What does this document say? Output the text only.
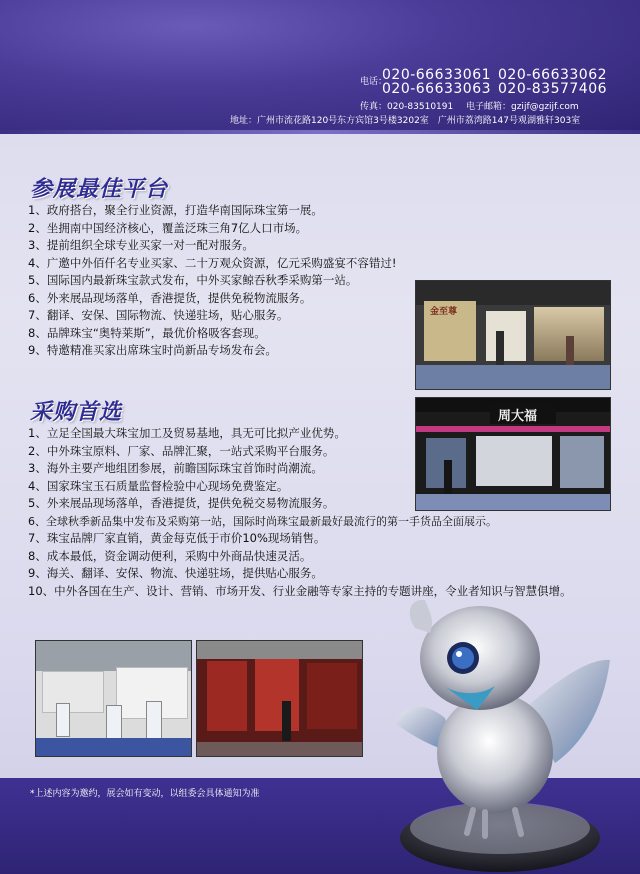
电话：
020-66633061
020-66633063
020-66633062
020-83577406
传真：020-83510191 电子邮箱：gzijf@gzijf.com
地址：广州市流花路120号东方宾馆3号楼3202室　广州市荔湾路147号观湖雅轩303室
参展最佳平台
1、政府搭台，聚全行业资源，打造华南国际珠宝第一展。
2、坐拥南中国经济核心，覆盖泛珠三角7亿人口市场。
3、提前组织全球专业买家一对一配对服务。
4、广邀中外佰仟名专业买家、二十万观众资源，亿元采购盛宴不容错过!
5、国际国内最新珠宝款式发布，中外买家鲸吞秋季采购第一站。
6、外来展品现场落单，香港提货，提供免税物流服务。
7、翻译、安保、国际物流、快递驻场，贴心服务。
8、品牌珠宝“奥特莱斯”，最优价格吸客套现。
9、特邀精准买家出席珠宝时尚新品专场发布会。
金至尊
采购首选	周大福
1、立足全国最大珠宝加工及贸易基地，具无可比拟产业优势。
2、中外珠宝原料、厂家、品牌汇聚，一站式采购平台服务。
3、海外主要产地组团参展，前瞻国际珠宝首饰时尚潮流。
4、国家珠宝玉石质量监督检验中心现场免费鉴定。
5、外来展品现场落单，香港提货，提供免税交易物流服务。
6、全球秋季新品集中发布及采购第一站，国际时尚珠宝最新最好最流行的第一手货品全面展示。
7、珠宝品牌厂家直销，黄金每克低于市价10%现场销售。
8、成本最低，资金调动便利，采购中外商品快速灵活。
9、海关、翻译、安保、物流、快递驻场，提供贴心服务。
10、中外各国在生产、设计、营销、市场开发、行业金融等专家主持的专题讲座，令业者知识与智慧俱增。
*上述内容为邀约，展会如有变动，以组委会具体通知为准
